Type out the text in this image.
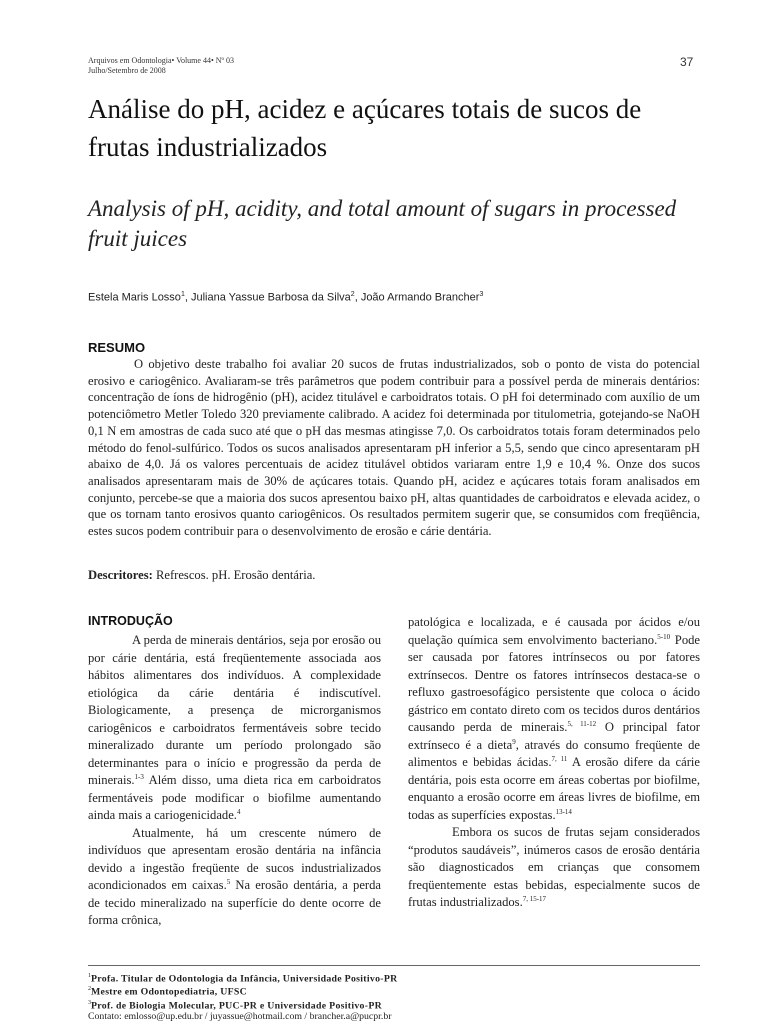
Arquivos em Odontologia• Volume 44• Nº 03
Julho/Setembro de 2008
37
Análise do pH, acidez e açúcares totais de sucos de frutas industrializados
Analysis of pH, acidity, and total amount of sugars in processed fruit juices
Estela Maris Losso$^1$, Juliana Yassue Barbosa da Silva$^2$, João Armando Brancher$^3$
RESUMO

O objetivo deste trabalho foi avaliar 20 sucos de frutas industrializados, sob o ponto de vista do potencial erosivo e cariogênico. Avaliaram-se três parâmetros que podem contribuir para a possível perda de minerais dentários: concentração de íons de hidrogênio (pH), acidez titulável e carboidratos totais. O pH foi determinado com auxílio de um potenciômetro Metler Toledo 320 previamente calibrado. A acidez foi determinada por titulometria, gotejando-se NaOH 0,1 N em amostras de cada suco até que o pH das mesmas atingisse 7,0. Os carboidratos totais foram determinados pelo método do fenol-sulfúrico. Todos os sucos analisados apresentaram pH inferior a 5,5, sendo que cinco apresentaram pH abaixo de 4,0. Já os valores percentuais de acidez titulável obtidos variaram entre 1,9 e 10,4 %. Onze dos sucos analisados apresentaram mais de 30% de açúcares totais. Quando pH, acidez e açúcares totais foram analisados em conjunto, percebe-se que a maioria dos sucos apresentou baixo pH, altas quantidades de carboidratos e elevada acidez, o que os tornam tanto erosivos quanto cariogênicos. Os resultados permitem sugerir que, se consumidos com freqüência, estes sucos podem contribuir para o desenvolvimento de erosão e cárie dentária.

Descritores: Refrescos. pH. Erosão dentária.
INTRODUÇÃO

A perda de minerais dentários, seja por erosão ou por cárie dentária, está freqüentemente associada aos hábitos alimentares dos indivíduos. A complexidade etiológica da cárie dentária é indiscutível. Biologicamente, a presença de microrganismos cariogênicos e carboidratos fermentáveis sobre tecido mineralizado durante um período prolongado são determinantes para o início e progressão da perda de minerais.$^{1-3}$ Além disso, uma dieta rica em carboidratos fermentáveis pode modificar o biofilme aumentando ainda mais a cariogenicidade.$^4$

Atualmente, há um crescente número de indivíduos que apresentam erosão dentária na infância devido a ingestão freqüente de sucos industrializados acondicionados em caixas.$^5$ Na erosão dentária, a perda de tecido mineralizado na superfície do dente ocorre de forma crônica,

patológica e localizada, e é causada por ácidos e/ou quelação química sem envolvimento bacteriano.$^{5-10}$ Pode ser causada por fatores intrínsecos ou por fatores extrínsecos. Dentre os fatores intrínsecos destaca-se o refluxo gastroesofágico persistente que coloca o ácido gástrico em contato direto com os tecidos duros dentários causando perda de minerais.$^{5, 11-12}$ O principal fator extrínseco é a dieta$^9$, através do consumo freqüente de alimentos e bebidas ácidas.$^{7, 11}$ A erosão difere da cárie dentária, pois esta ocorre em áreas cobertas por biofilme, enquanto a erosão ocorre em áreas livres de biofilme, em todas as superfícies expostas.$^{13-14}$

Embora os sucos de frutas sejam considerados “produtos saudáveis”, inúmeros casos de erosão dentária são diagnosticados em crianças que consomem freqüentemente estas bebidas, especialmente sucos de frutas industrializados.$^{7, 15-17}$

$^1$Profa. Titular de Odontologia da Infância, Universidade Positivo-PR
$^2$Mestre em Odontopediatria, UFSC
$^3$Prof. de Biologia Molecular, PUC-PR e Universidade Positivo-PR
Contato: emlosso@up.edu.br / juyassue@hotmail.com / brancher.a@pucpr.br
